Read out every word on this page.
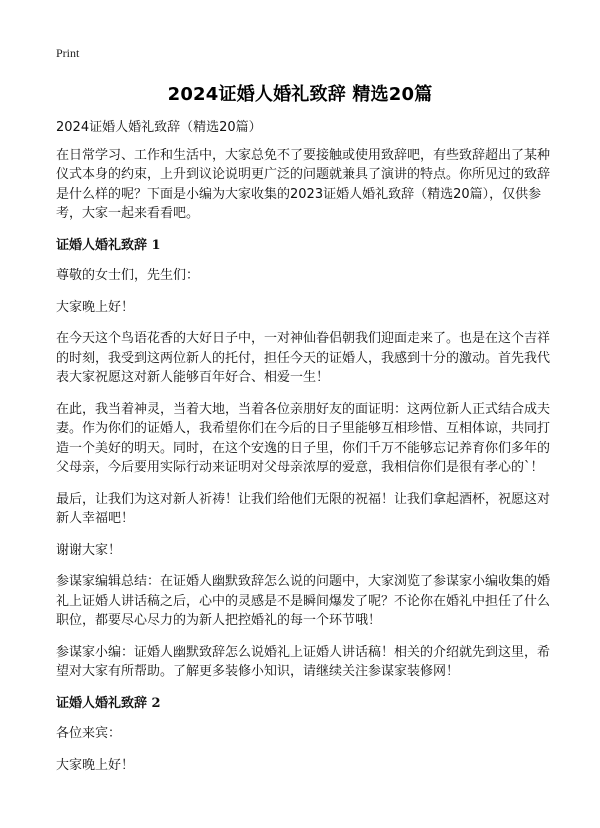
Print
2024证婚人婚礼致辞 精选20篇

2024证婚人婚礼致辞（精选20篇）

在日常学习、工作和生活中，大家总免不了要接触或使用致辞吧，有些致辞超出了某种仪式本身的约束，上升到议论说明更广泛的问题就兼具了演讲的特点。你所见过的致辞是什么样的呢？下面是小编为大家收集的2023证婚人婚礼致辞（精选20篇），仅供参考，大家一起来看看吧。

证婚人婚礼致辞 1

尊敬的女士们，先生们：

大家晚上好！

在今天这个鸟语花香的大好日子中，一对神仙眷侣朝我们迎面走来了。也是在这个吉祥的时刻，我受到这两位新人的托付，担任今天的证婚人，我感到十分的激动。首先我代表大家祝愿这对新人能够百年好合、相爱一生！

在此，我当着神灵，当着大地，当着各位亲朋好友的面证明：这两位新人正式结合成夫妻。作为你们的证婚人，我希望你们在今后的日子里能够互相珍惜、互相体谅，共同打造一个美好的明天。同时，在这个安逸的日子里，你们千万不能够忘记养育你们多年的父母亲，今后要用实际行动来证明对父母亲浓厚的爱意，我相信你们是很有孝心的`！

最后，让我们为这对新人祈祷！让我们给他们无限的祝福！让我们拿起酒杯，祝愿这对新人幸福吧！

谢谢大家！

参谋家编辑总结：在证婚人幽默致辞怎么说的问题中，大家浏览了参谋家小编收集的婚礼上证婚人讲话稿之后，心中的灵感是不是瞬间爆发了呢？不论你在婚礼中担任了什么职位，都要尽心尽力的为新人把控婚礼的每一个环节哦！

参谋家小编：证婚人幽默致辞怎么说婚礼上证婚人讲话稿！相关的介绍就先到这里，希望对大家有所帮助。了解更多装修小知识，请继续关注参谋家装修网！

证婚人婚礼致辞 2

各位来宾：

大家晚上好！
